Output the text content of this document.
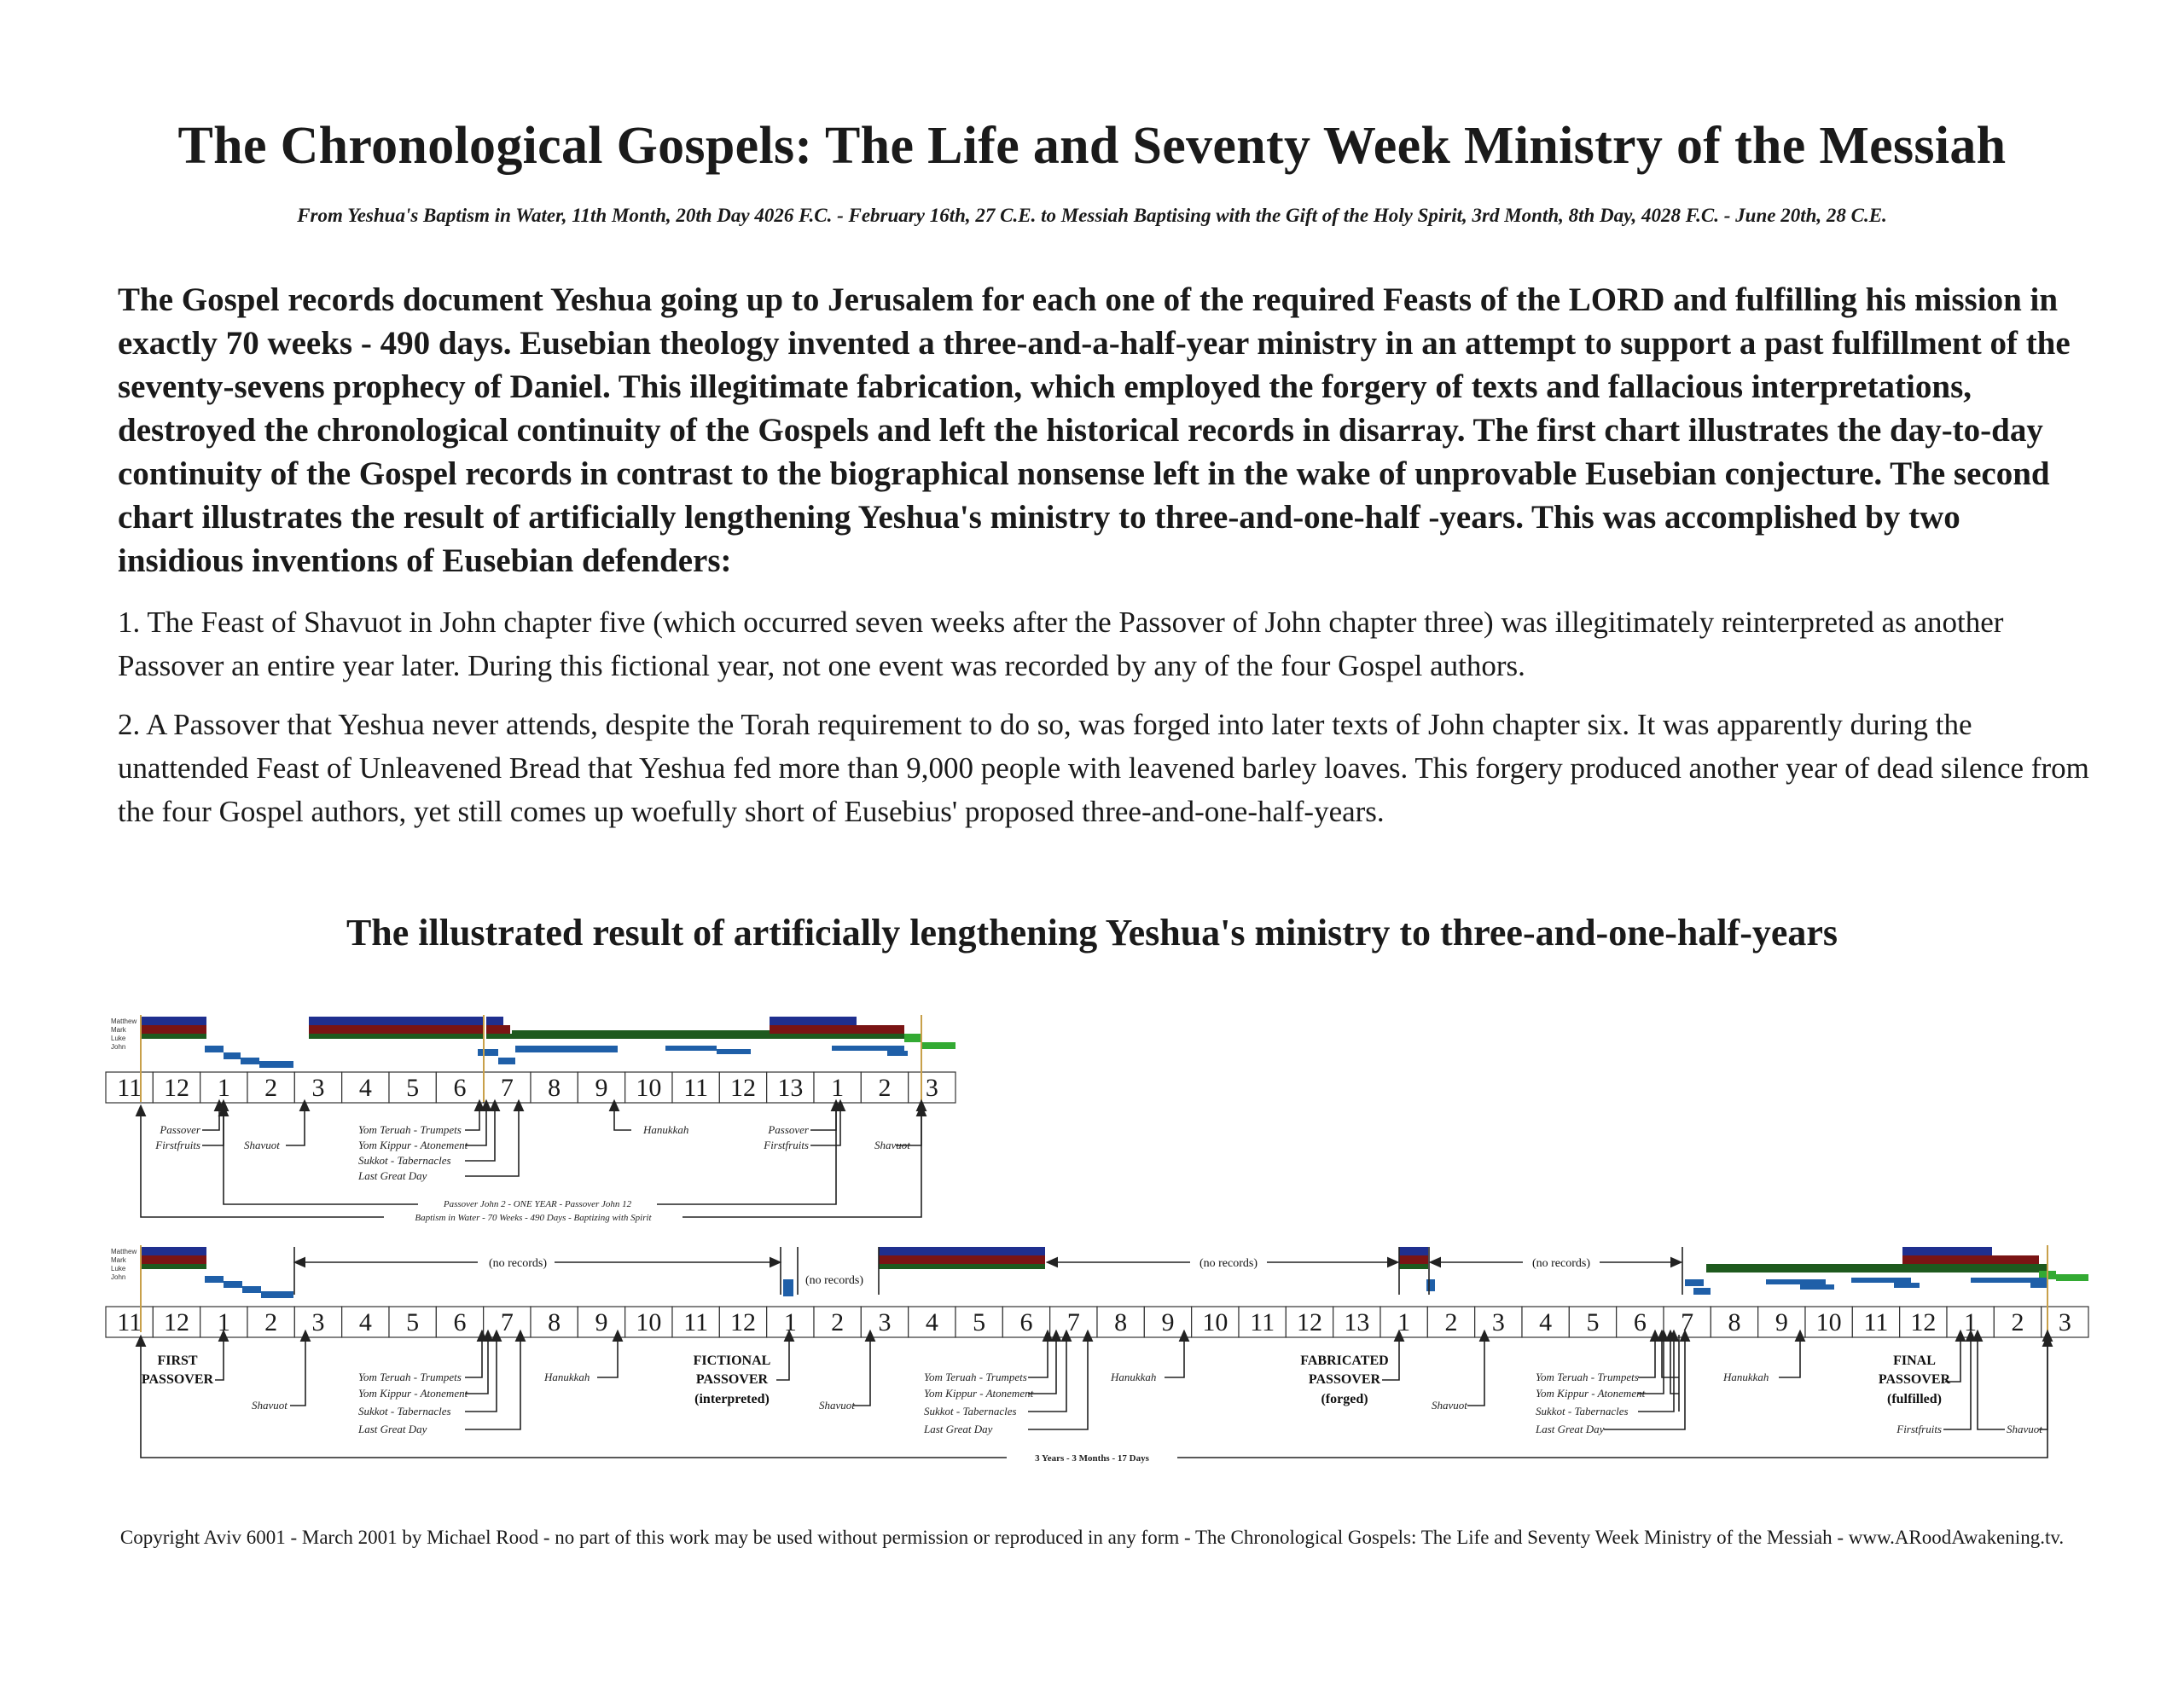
The Chronological Gospels: The Life and Seventy Week Ministry of the Messiah
From Yeshua's Baptism in Water, 11th Month, 20th Day 4026 F.C. - February 16th, 27 C.E. to Messiah Baptising with the Gift of the Holy Spirit, 3rd Month, 8th Day, 4028 F.C. - June 20th, 28 C.E.
The Gospel records document Yeshua going up to Jerusalem for each one of the required Feasts of the LORD and fulfilling his mission in exactly 70 weeks - 490 days. Eusebian theology invented a three-and-a-half-year ministry in an attempt to support a past fulfillment of the seventy-sevens prophecy of Daniel. This illegitimate fabrication, which employed the forgery of texts and fallacious interpretations, destroyed the chronological continuity of the Gospels and left the historical records in disarray. The first chart illustrates the day-to-day continuity of the Gospel records in contrast to the biographical nonsense left in the wake of unprovable Eusebian conjecture. The second chart illustrates the result of artificially lengthening Yeshua's ministry to three-and-one-half -years. This was accomplished by two insidious inventions of Eusebian defenders:
1. The Feast of Shavuot in John chapter five (which occurred seven weeks after the Passover of John chapter three) was illegitimately reinterpreted as another Passover an entire year later. During this fictional year, not one event was recorded by any of the four Gospel authors.
2. A Passover that Yeshua never attends, despite the Torah requirement to do so, was forged into later texts of John chapter six. It was apparently during the unattended Feast of Unleavened Bread that Yeshua fed more than 9,000 people with leavened barley loaves. This forgery produced another year of dead silence from the four Gospel authors, yet still comes up woefully short of Eusebius' proposed three-and-one-half-years.
The illustrated result of artificially lengthening Yeshua's ministry to three-and-one-half-years
Matthew
Mark
Luke
John
11 12 1 2 3 4 5 6 7 8 9 10 11 12 13 1 2 3
Passover
Firstfruits	Shavuot
Yom Teruah - Trumpets
Yom Kippur - Atonement
Sukkot - Tabernacles
Last Great Day
Hanukkah	Passover
Firstfruits	Shavuot
Passover John 2 - ONE YEAR - Passover John 12
Baptism in Water - 70 Weeks - 490 Days - Baptizing with Spirit
Matthew
Mark
Luke
John
11 12 1 2 3 4 5 6 7 8 9 10 11 12 1 2 3 4 5 6 7 8 9 10 11 12 13 1 2 3 4 5 6 7 8 9 10 11 12 1 2 3
(no records)
(no records)
(no records)	(no records)
FIRST
PASSOVER
Shavuot
Yom Teruah - Trumpets
Yom Kippur - Atonement
Sukkot - Tabernacles
Last Great Day
Hanukkah
FICTIONAL
PASSOVER
(interpreted)	Shavuot
Yom Teruah - Trumpets
Yom Kippur - Atonement
Sukkot - Tabernacles
Last Great Day
Hanukkah
FABRICATED
PASSOVER
(forged)	Shavuot
Yom Teruah - Trumpets
Yom Kippur - Atonement
Sukkot - Tabernacles
Last Great Day
Hanukkah
FINAL
PASSOVER
(fulfilled)
Firstfruits	Shavuot
3 Years - 3 Months - 17 Days
Copyright Aviv 6001 - March 2001 by Michael Rood - no part of this work may be used without permission or reproduced in any form - The Chronological Gospels: The Life and Seventy Week Ministry of the Messiah - www.ARoodAwakening.tv.
